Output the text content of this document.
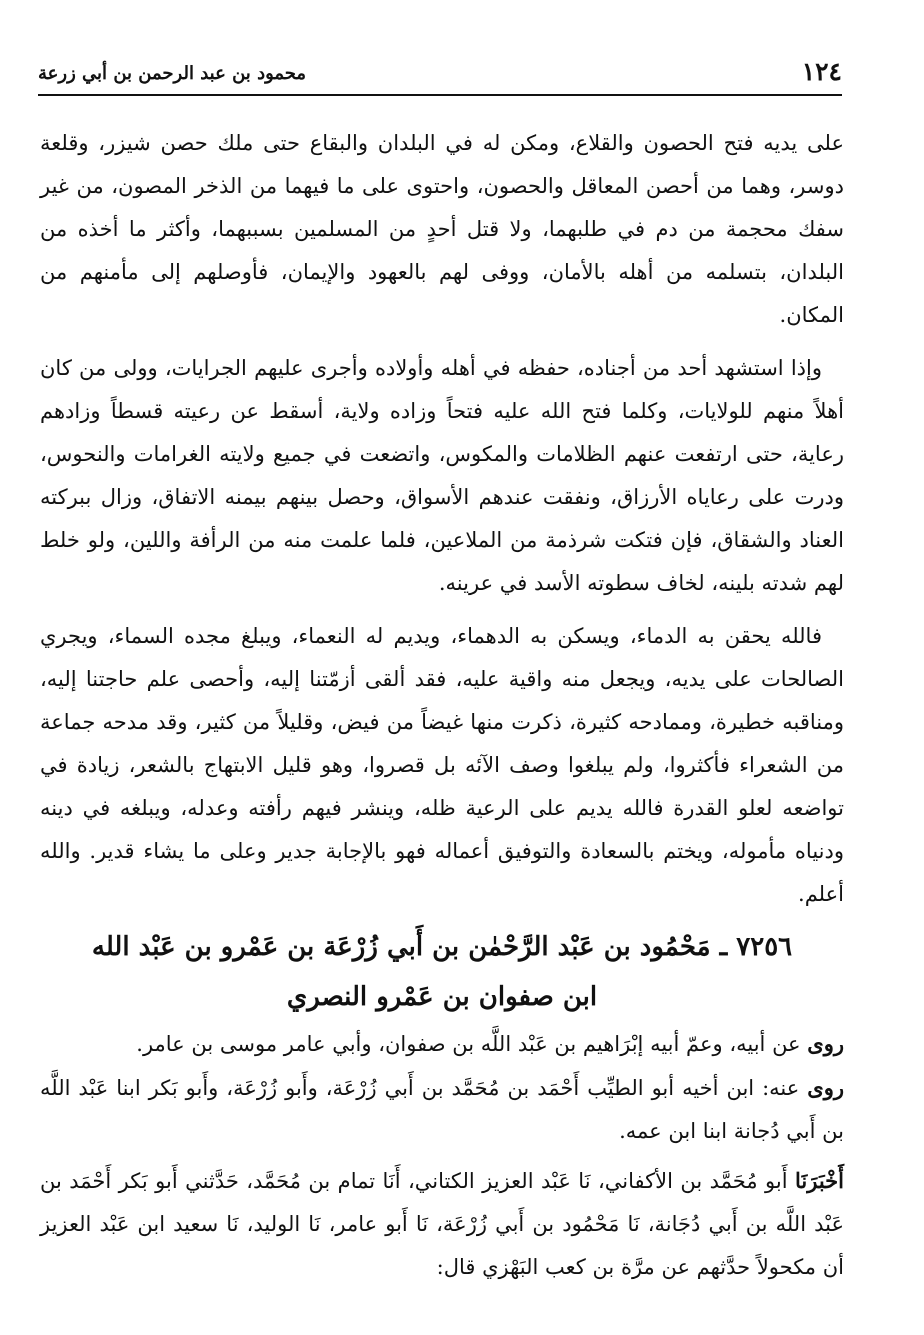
١٢٤
محمود بن عبد الرحمن بن أبي زرعة

على يديه فتح الحصون والقلاع، ومكن له في البلدان والبقاع حتى ملك حصن شيزر، وقلعة دوسر، وهما من أحصن المعاقل والحصون، واحتوى على ما فيهما من الذخر المصون، من غير سفك محجمة من دم في طلبهما، ولا قتل أحدٍ من المسلمين بسببهما، وأكثر ما أخذه من البلدان، بتسلمه من أهله بالأمان، ووفى لهم بالعهود والإيمان، فأوصلهم إلى مأمنهم من المكان.

وإذا استشهد أحد من أجناده، حفظه في أهله وأولاده وأجرى عليهم الجرايات، وولى من كان أهلاً منهم للولايات، وكلما فتح الله عليه فتحاً وزاده ولاية، أسقط عن رعيته قسطاً وزادهم رعاية، حتى ارتفعت عنهم الظلامات والمكوس، واتضعت في جميع ولايته الغرامات والنحوس، ودرت على رعاياه الأرزاق، ونفقت عندهم الأسواق، وحصل بينهم بيمنه الاتفاق، وزال ببركته العناد والشقاق، فإن فتكت شرذمة من الملاعين، فلما علمت منه من الرأفة واللين، ولو خلط لهم شدته بلينه، لخاف سطوته الأسد في عرينه.

فالله يحقن به الدماء، ويسكن به الدهماء، ويديم له النعماء، ويبلغ مجده السماء، ويجري الصالحات على يديه، ويجعل منه واقية عليه، فقد ألقى أزمّتنا إليه، وأحصى علم حاجتنا إليه، ومناقبه خطيرة، وممادحه كثيرة، ذكرت منها غيضاً من فيض، وقليلاً من كثير، وقد مدحه جماعة من الشعراء فأكثروا، ولم يبلغوا وصف الآئه بل قصروا، وهو قليل الابتهاج بالشعر، زيادة في تواضعه لعلو القدرة فالله يديم على الرعية ظله، وينشر فيهم رأفته وعدله، ويبلغه في دينه ودنياه مأموله، ويختم بالسعادة والتوفيق أعماله فهو بالإجابة جدير وعلى ما يشاء قدير. والله أعلم.

٧٢٥٦ ـ مَحْمُود بن عَبْد الرَّحْمٰن بن أَبي زُرْعَة بن عَمْرو بن عَبْد الله

ابن صفوان بن عَمْرو النصري

روى عن أبيه، وعمّ أبيه إبْرَاهيم بن عَبْد اللَّه بن صفوان، وأبي عامر موسى بن عامر.

روى عنه: ابن أخيه أبو الطيِّب أَحْمَد بن مُحَمَّد بن أَبي زُرْعَة، وأَبو زُرْعَة، وأَبو بَكر ابنا عَبْد اللَّه بن أَبي دُجانة ابنا ابن عمه.

أَخْبَرَنَا أَبو مُحَمَّد بن الأكفاني، نَا عَبْد العزيز الكتاني، أَنَا تمام بن مُحَمَّد، حَدَّثني أَبو بَكر أَحْمَد بن عَبْد اللَّه بن أَبي دُجَانة، نَا مَحْمُود بن أَبي زُرْعَة، نَا أَبو عامر، نَا الوليد، نَا سعيد ابن عَبْد العزيز أن مكحولاً حدَّثهم عن مرَّة بن كعب البَهْزي قال:
